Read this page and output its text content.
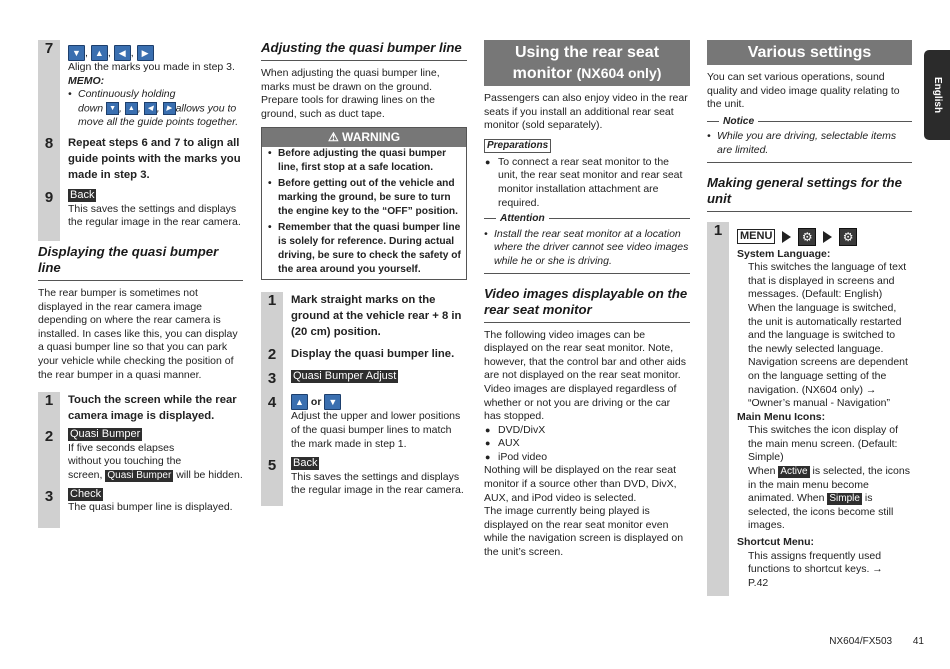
7	▼ , ▲ , ◀ , ▶

Align the marks you made in step 3.

MEMO:

• Continuously holding
down ▼ , ▲ , ◀ , ▶ allows you to
move all the guide points together.
8	Repeat steps 6 and 7 to align all guide points with the marks you made in step 3.
9	Back

This saves the settings and displays the regular image in the rear camera.

Displaying the quasi bumper line

The rear bumper is sometimes not displayed in the rear camera image depending on where the rear camera is installed. In cases like this, you can display a quasi bumper line so that you can park your vehicle while checking the position of the rear bumper in a quasi manner.

1	Touch the screen while the rear camera image is displayed.
2	Quasi Bumper

If five seconds elapses
without you touching the
screen, Quasi Bumper will be hidden.

3	Check

The quasi bumper line is displayed.

Adjusting the quasi bumper line

When adjusting the quasi bumper line, marks must be drawn on the ground. Prepare tools for drawing lines on the ground, such as duct tape.

⚠ WARNING
• Before adjusting the quasi bumper line, first stop at a safe location.
• Before getting out of the vehicle and marking the ground, be sure to turn the engine key to the “OFF” position.
• Remember that the quasi bumper line is solely for reference. During actual driving, be sure to check the safety of the area around you yourself.
1	Mark straight marks on the ground at the vehicle rear + 8 in (20 cm) position.
2	Display the quasi bumper line.
3	Quasi Bumper Adjust
4	▲ or ▼

Adjust the upper and lower positions of the quasi bumper lines to match the mark made in step 1.

5	Back

This saves the settings and displays the regular image in the rear camera.

Using the rear seat
monitor (NX604 only)

Passengers can also enjoy video in the rear seats if you install an additional rear seat monitor (sold separately).

Preparations
● To connect a rear seat monitor to the unit, the rear seat monitor and rear seat monitor installation attachment are required.
Attention
• Install the rear seat monitor at a location where the driver cannot see video images while he or she is driving.
Video images displayable on the rear seat monitor

The following video images can be displayed on the rear seat monitor. Note, however, that the control bar and other aids are not displayed on the rear seat monitor. Video images are displayed regardless of whether or not you are driving or the car has stopped.

● DVD/DivX
● AUX
● iPod video

Nothing will be displayed on the rear seat monitor if a source other than DVD, DivX, AUX, and iPod video is selected.

The image currently being played is displayed on the rear seat monitor even while the navigation screen is displayed on the unit’s screen.

Various settings

You can set various operations, sound quality and video image quality relating to the unit.

Notice
• While you are driving, selectable items are limited.
Making general settings for the unit
1	MENU ⚙	⚙

System Language:

This switches the language of text that is displayed in screens and messages. (Default: English) When the language is switched, the unit is automatically restarted and the language is switched to the newly selected language. Navigation screens are dependent on the language setting of the navigation. (NX604 only) →

“Owner’s manual - Navigation”

Main Menu Icons:

This switches the icon display of the main menu screen. (Default: Simple)

When Active is selected, the icons in the main menu become animated. When Simple is selected, the icons become still images.

Shortcut Menu:

This assigns frequently used functions to shortcut keys. →
P.42

English
NX604/FX503 41
